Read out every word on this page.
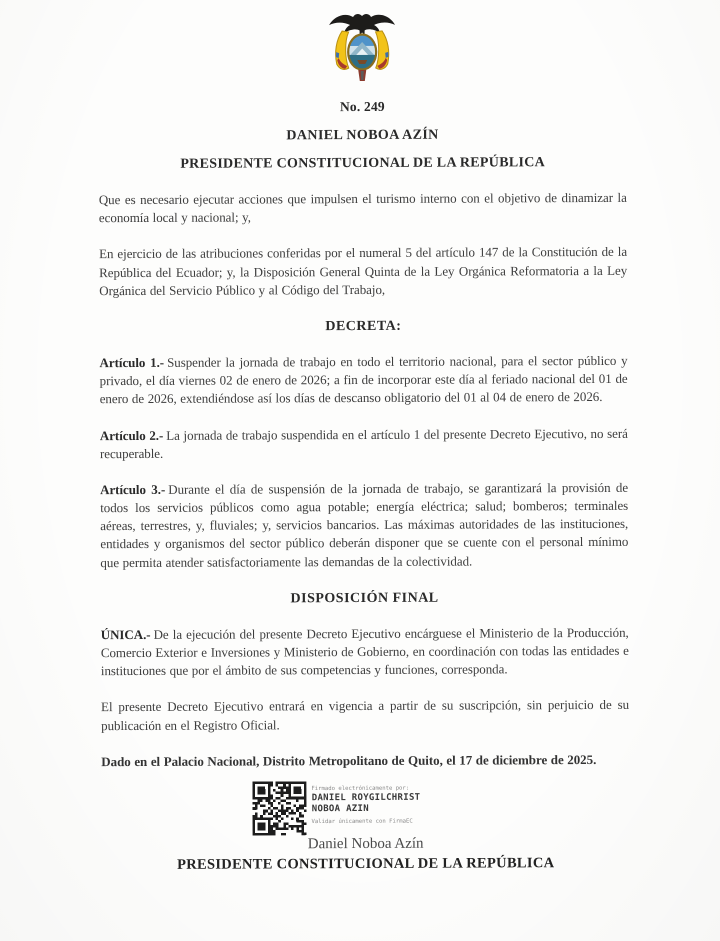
No. 249
DANIEL NOBOA AZÍN
PRESIDENTE CONSTITUCIONAL DE LA REPÚBLICA

Que es necesario ejecutar acciones que impulsen el turismo interno con el objetivo de dinamizar la economía local y nacional; y,

En ejercicio de las atribuciones conferidas por el numeral 5 del artículo 147 de la Constitución de la República del Ecuador; y, la Disposición General Quinta de la Ley Orgánica Reformatoria a la Ley Orgánica del Servicio Público y al Código del Trabajo,

DECRETA:

Artículo 1.- Suspender la jornada de trabajo en todo el territorio nacional, para el sector público y privado, el día viernes 02 de enero de 2026; a fin de incorporar este día al feriado nacional del 01 de enero de 2026, extendiéndose así los días de descanso obligatorio del 01 al 04 de enero de 2026.

Artículo 2.- La jornada de trabajo suspendida en el artículo 1 del presente Decreto Ejecutivo, no será recuperable.

Artículo 3.- Durante el día de suspensión de la jornada de trabajo, se garantizará la provisión de todos los servicios públicos como agua potable; energía eléctrica; salud; bomberos; terminales aéreas, terrestres, y, fluviales; y, servicios bancarios. Las máximas autoridades de las instituciones, entidades y organismos del sector público deberán disponer que se cuente con el personal mínimo que permita atender satisfactoriamente las demandas de la colectividad.

DISPOSICIÓN FINAL

ÚNICA.- De la ejecución del presente Decreto Ejecutivo encárguese el Ministerio de la Producción, Comercio Exterior e Inversiones y Ministerio de Gobierno, en coordinación con todas las entidades e instituciones que por el ámbito de sus competencias y funciones, corresponda.

El presente Decreto Ejecutivo entrará en vigencia a partir de su suscripción, sin perjuicio de su publicación en el Registro Oficial.

Dado en el Palacio Nacional, Distrito Metropolitano de Quito, el 17 de diciembre de 2025.

Firmado electrónicamente por:
DANIEL ROYGILCHRIST
NOBOA AZIN
Validar únicamente con FirmaEC
Daniel Noboa Azín
PRESIDENTE CONSTITUCIONAL DE LA REPÚBLICA
